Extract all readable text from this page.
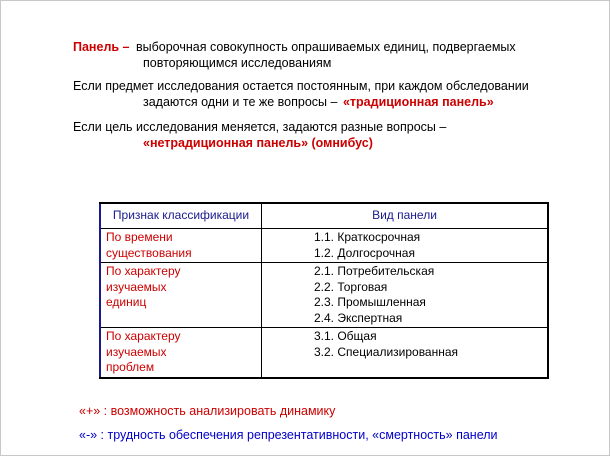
Панель – выборочная совокупность опрашиваемых единиц, подвергаемых
повторяющимся исследованиям
Если предмет исследования остается постоянным, при каждом обследовании
задаются одни и те же вопросы – «традиционная панель»
Если цель исследования меняется, задаются разные вопросы –
«нетрадиционная панель» (омнибус)
Признак классификации	Вид панели

По времени
существования	1.1. Краткосрочная
1.2. Долгосрочная

По характеру
изучаемых
единиц	2.1. Потребительская
2.2. Торговая
2.3. Промышленная
2.4. Экспертная

По характеру
изучаемых
проблем	3.1. Общая
3.2. Специализированная
«+» : возможность анализировать динамику
«-» : трудность обеспечения репрезентативности, «смертность» панели
